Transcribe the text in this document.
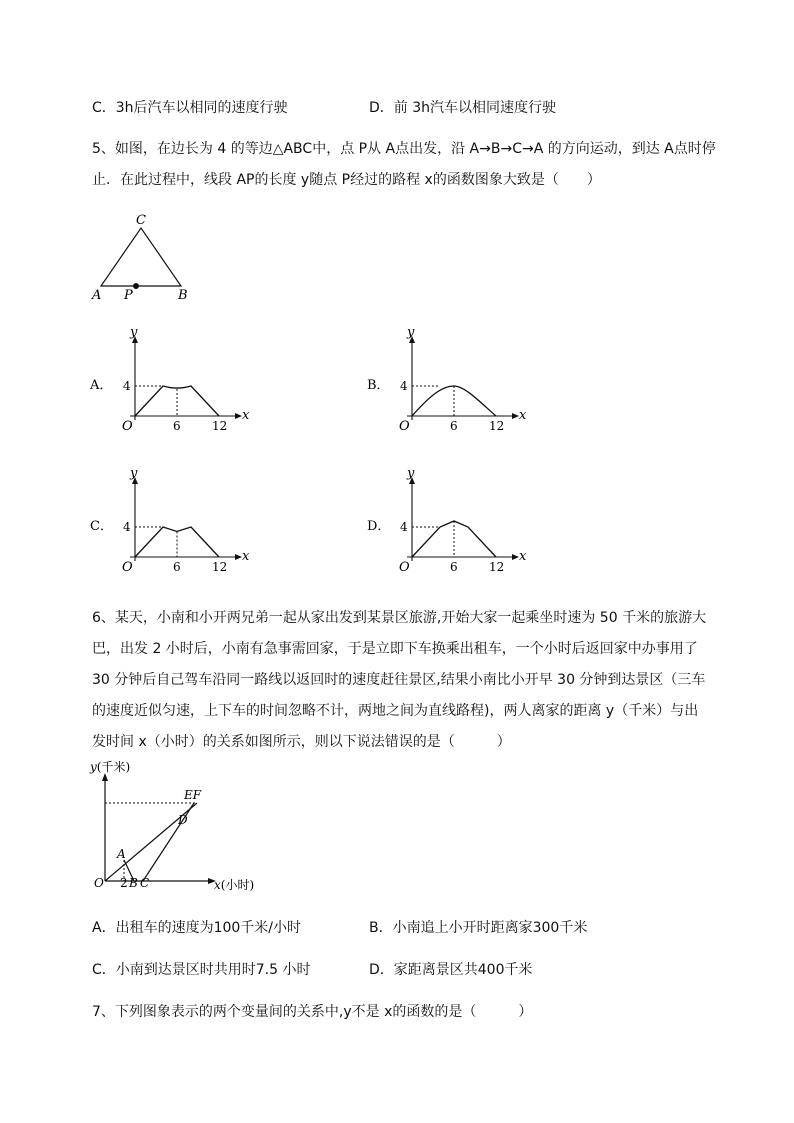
C．3h后汽车以相同的速度行驶	D．前 3h汽车以相同速度行驶
5、如图，在边长为 4 的等边△ABC中，点 P从 A点出发，沿 A→B→C→A 的方向运动，到达 A点时停
止．在此过程中，线段 AP的长度 y随点 P经过的路程 x的函数图象大致是（　　）
C
A P	B
A．
y
x
O
4
6	12
B．
y
x
O
4
6	12
C．
y
x
O
4
6	12
D．
y
x
O
4
6	12
6、某天，小南和小开两兄弟一起从家出发到某景区旅游,开始大家一起乘坐时速为 50 千米的旅游大
巴，出发 2 小时后，小南有急事需回家，于是立即下车换乘出租车，一个小时后返回家中办事用了
30 分钟后自己驾车沿同一路线以返回时的速度赶往景区,结果小南比小开早 30 分钟到达景区（三车
的速度近似匀速，上下车的时间忽略不计，两地之间为直线路程)，两人离家的距离 y（千米）与出
发时间 x（小时）的关系如图所示，则以下说法错误的是（　　　）
y(千米)
EF
D
A
O 2 B C	x(小时)
A．出租车的速度为100千米/小时	B．小南追上小开时距离家300千米
C．小南到达景区时共用时7.5 小时	D．家距离景区共400千米
7、下列图象表示的两个变量间的关系中,y不是 x的函数的是（　　　）
